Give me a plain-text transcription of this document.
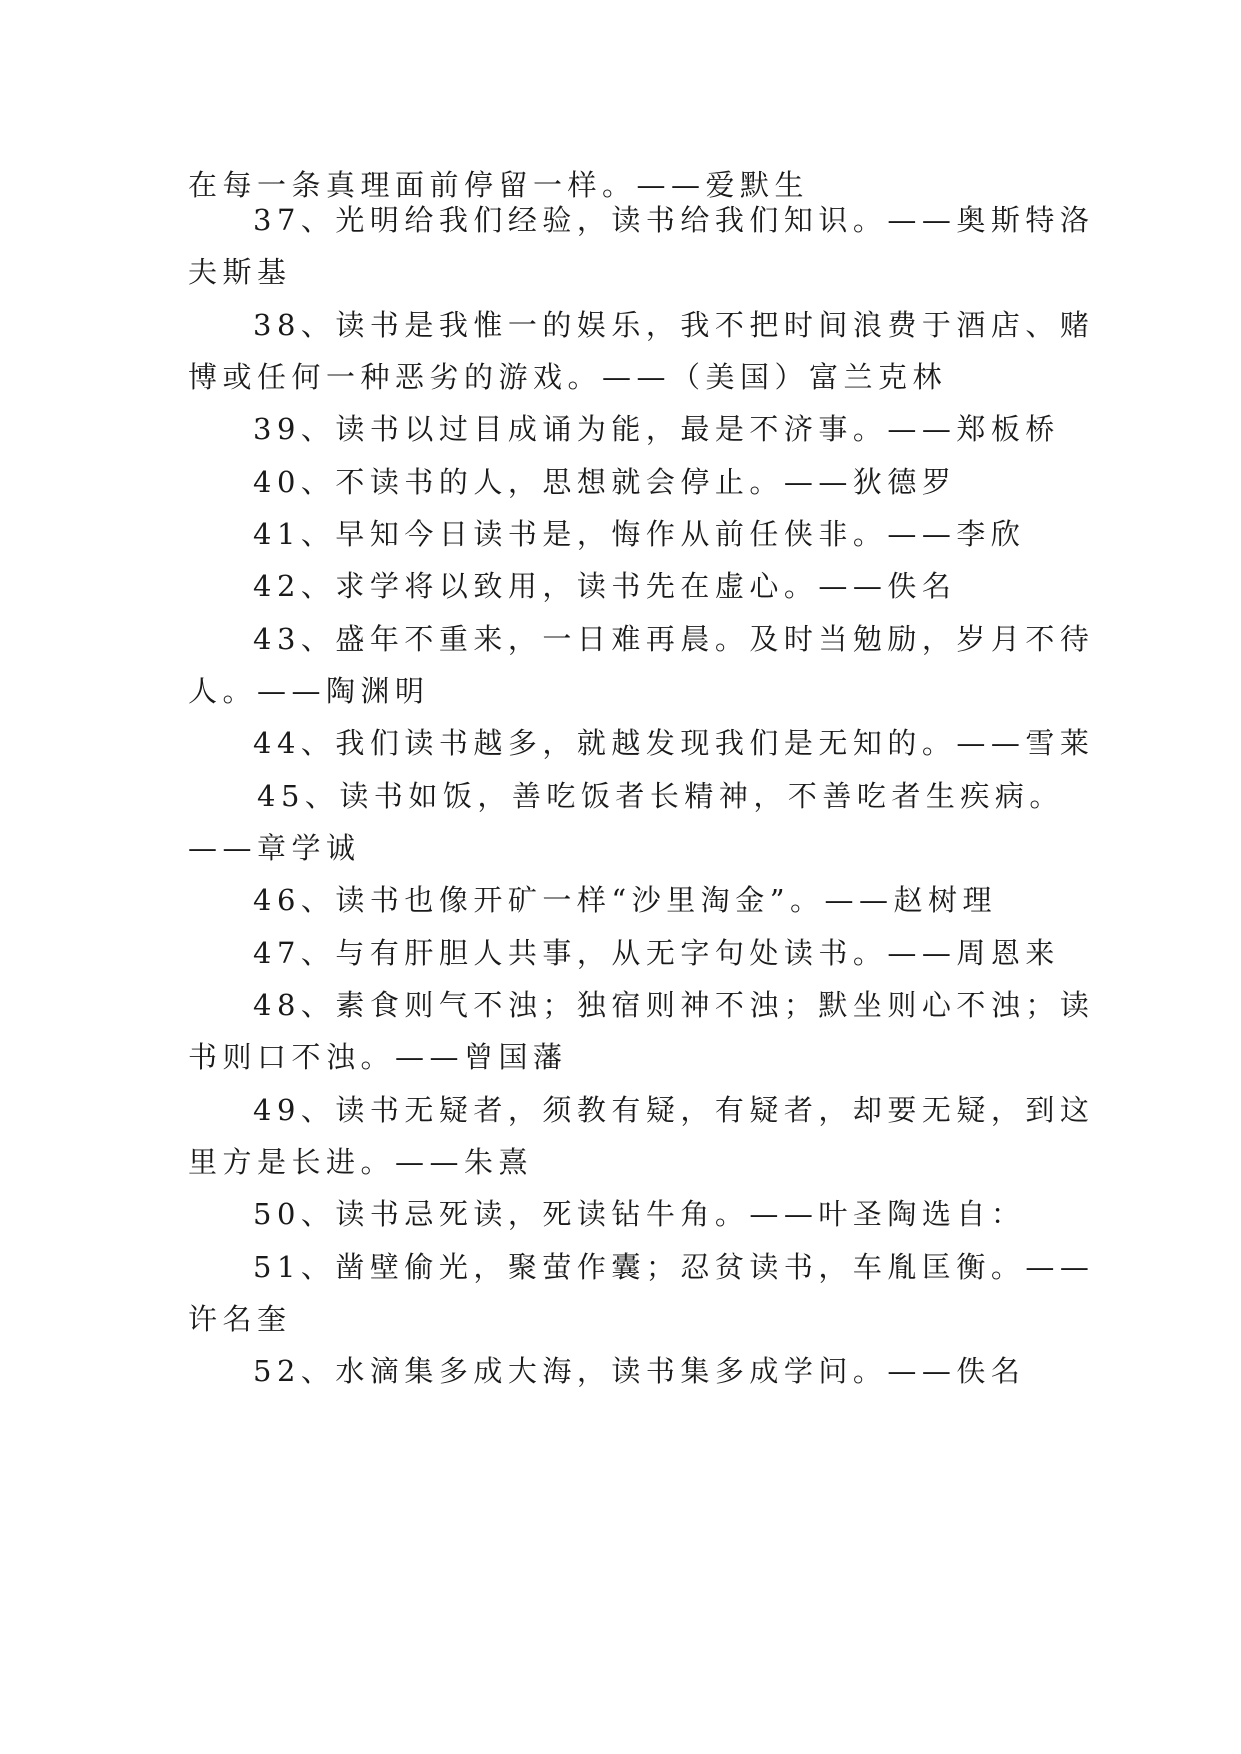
在每一条真理面前停留一样。——爱默生
37、光明给我们经验，读书给我们知识。——奥斯特洛
夫斯基
38、读书是我惟一的娱乐，我不把时间浪费于酒店、赌
博或任何一种恶劣的游戏。——（美国）富兰克林
39、读书以过目成诵为能，最是不济事。——郑板桥
40、不读书的人，思想就会停止。——狄德罗
41、早知今日读书是，悔作从前任侠非。——李欣
42、求学将以致用，读书先在虚心。——佚名
43、盛年不重来，一日难再晨。及时当勉励，岁月不待
人。——陶渊明
44、我们读书越多，就越发现我们是无知的。——雪莱
45、读书如饭，善吃饭者长精神，不善吃者生疾病。
——章学诚
46、读书也像开矿一样“沙里淘金”。——赵树理
47、与有肝胆人共事，从无字句处读书。——周恩来
48、素食则气不浊；独宿则神不浊；默坐则心不浊；读
书则口不浊。——曾国藩
49、读书无疑者，须教有疑，有疑者，却要无疑，到这
里方是长进。——朱熹
50、读书忌死读，死读钻牛角。——叶圣陶选自：
51、凿壁偷光，聚萤作囊；忍贫读书，车胤匡衡。——
许名奎
52、水滴集多成大海，读书集多成学问。——佚名
